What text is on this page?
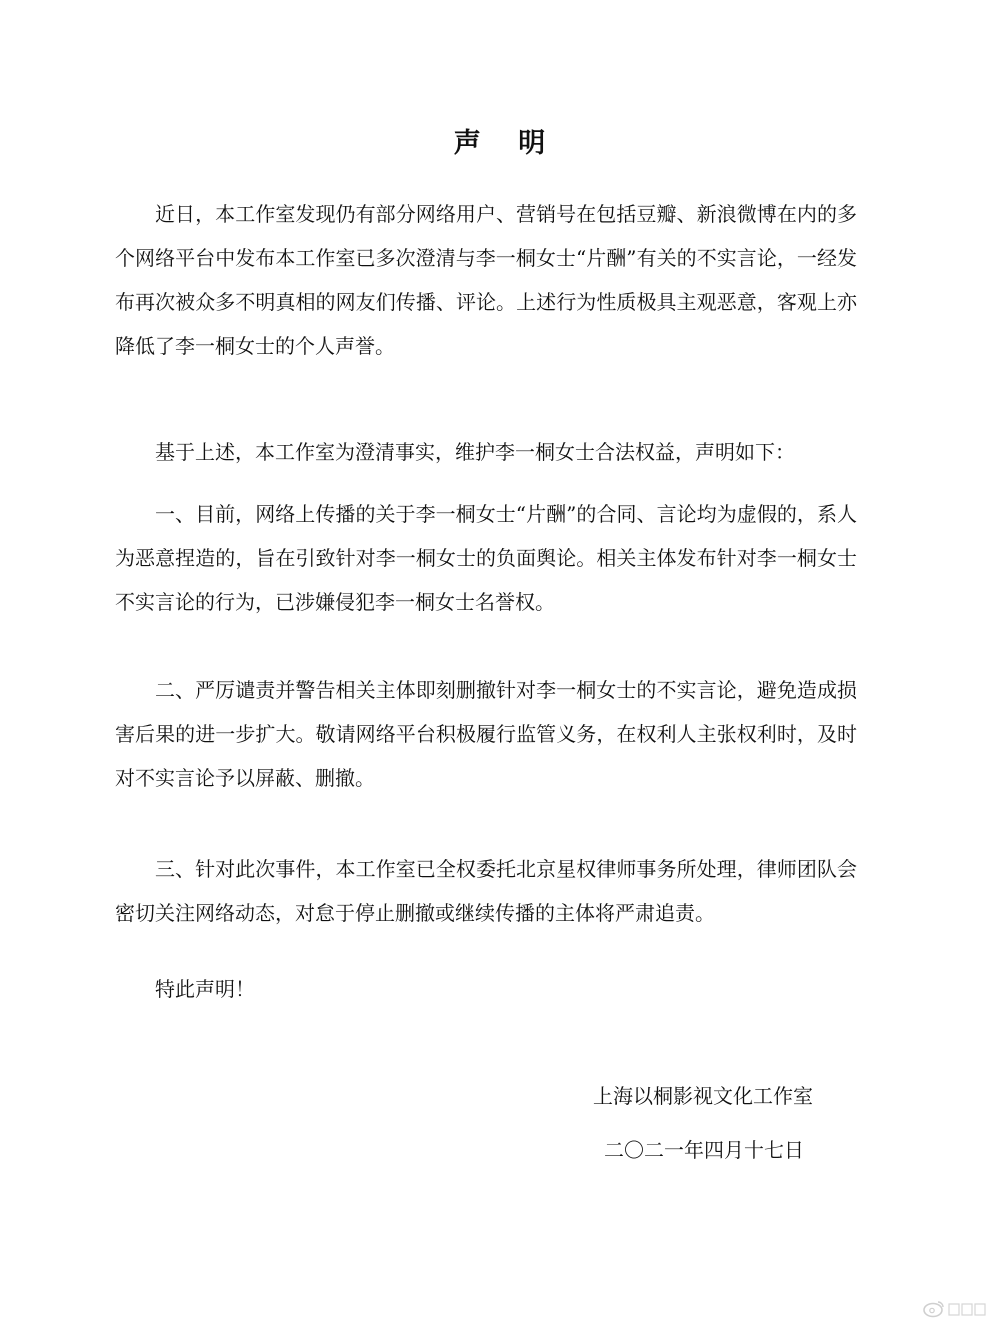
声 明

近日，本工作室发现仍有部分网络用户、营销号在包括豆瓣、新浪微博在内的多个网络平台中发布本工作室已多次澄清与李一桐女士“片酬”有关的不实言论，一经发布再次被众多不明真相的网友们传播、评论。上述行为性质极具主观恶意，客观上亦降低了李一桐女士的个人声誉。

基于上述，本工作室为澄清事实，维护李一桐女士合法权益，声明如下：

一、目前，网络上传播的关于李一桐女士“片酬”的合同、言论均为虚假的，系人为恶意捏造的，旨在引致针对李一桐女士的负面舆论。相关主体发布针对李一桐女士不实言论的行为，已涉嫌侵犯李一桐女士名誉权。

二、严厉谴责并警告相关主体即刻删撤针对李一桐女士的不实言论，避免造成损害后果的进一步扩大。敬请网络平台积极履行监管义务，在权利人主张权利时，及时对不实言论予以屏蔽、删撤。

三、针对此次事件，本工作室已全权委托北京星权律师事务所处理，律师团队会密切关注网络动态，对怠于停止删撤或继续传播的主体将严肃追责。

特此声明！

上海以桐影视文化工作室
二〇二一年四月十七日
